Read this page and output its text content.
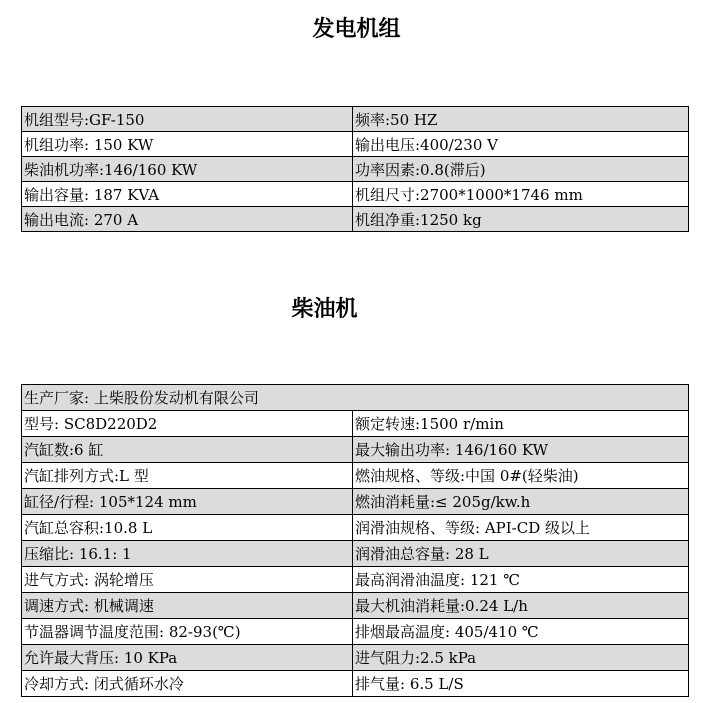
发电机组
机组型号:GF-150	频率:50 HZ
机组功率: 150 KW	输出电压:400/230 V
柴油机功率:146/160 KW	功率因素:0.8(滞后)
输出容量: 187 KVA	机组尺寸:2700*1000*1746 mm
输出电流: 270 A	机组净重:1250 kg
柴油机
生产厂家: 上柴股份发动机有限公司	
型号: SC8D220D2	额定转速:1500 r/min
汽缸数:6 缸	最大输出功率: 146/160 KW
汽缸排列方式:L 型	燃油规格、等级:中国 0#(轻柴油)
缸径/行程: 105*124 mm	燃油消耗量:≤ 205g/kw.h
汽缸总容积:10.8 L	润滑油规格、等级: API-CD 级以上
压缩比: 16.1: 1	润滑油总容量: 28 L
进气方式: 涡轮增压	最高润滑油温度: 121 ℃
调速方式: 机械调速	最大机油消耗量:0.24 L/h
节温器调节温度范围: 82-93(℃)	排烟最高温度: 405/410 ℃
允许最大背压: 10 KPa	进气阻力:2.5 kPa
冷却方式: 闭式循环水冷	排气量: 6.5 L/S
